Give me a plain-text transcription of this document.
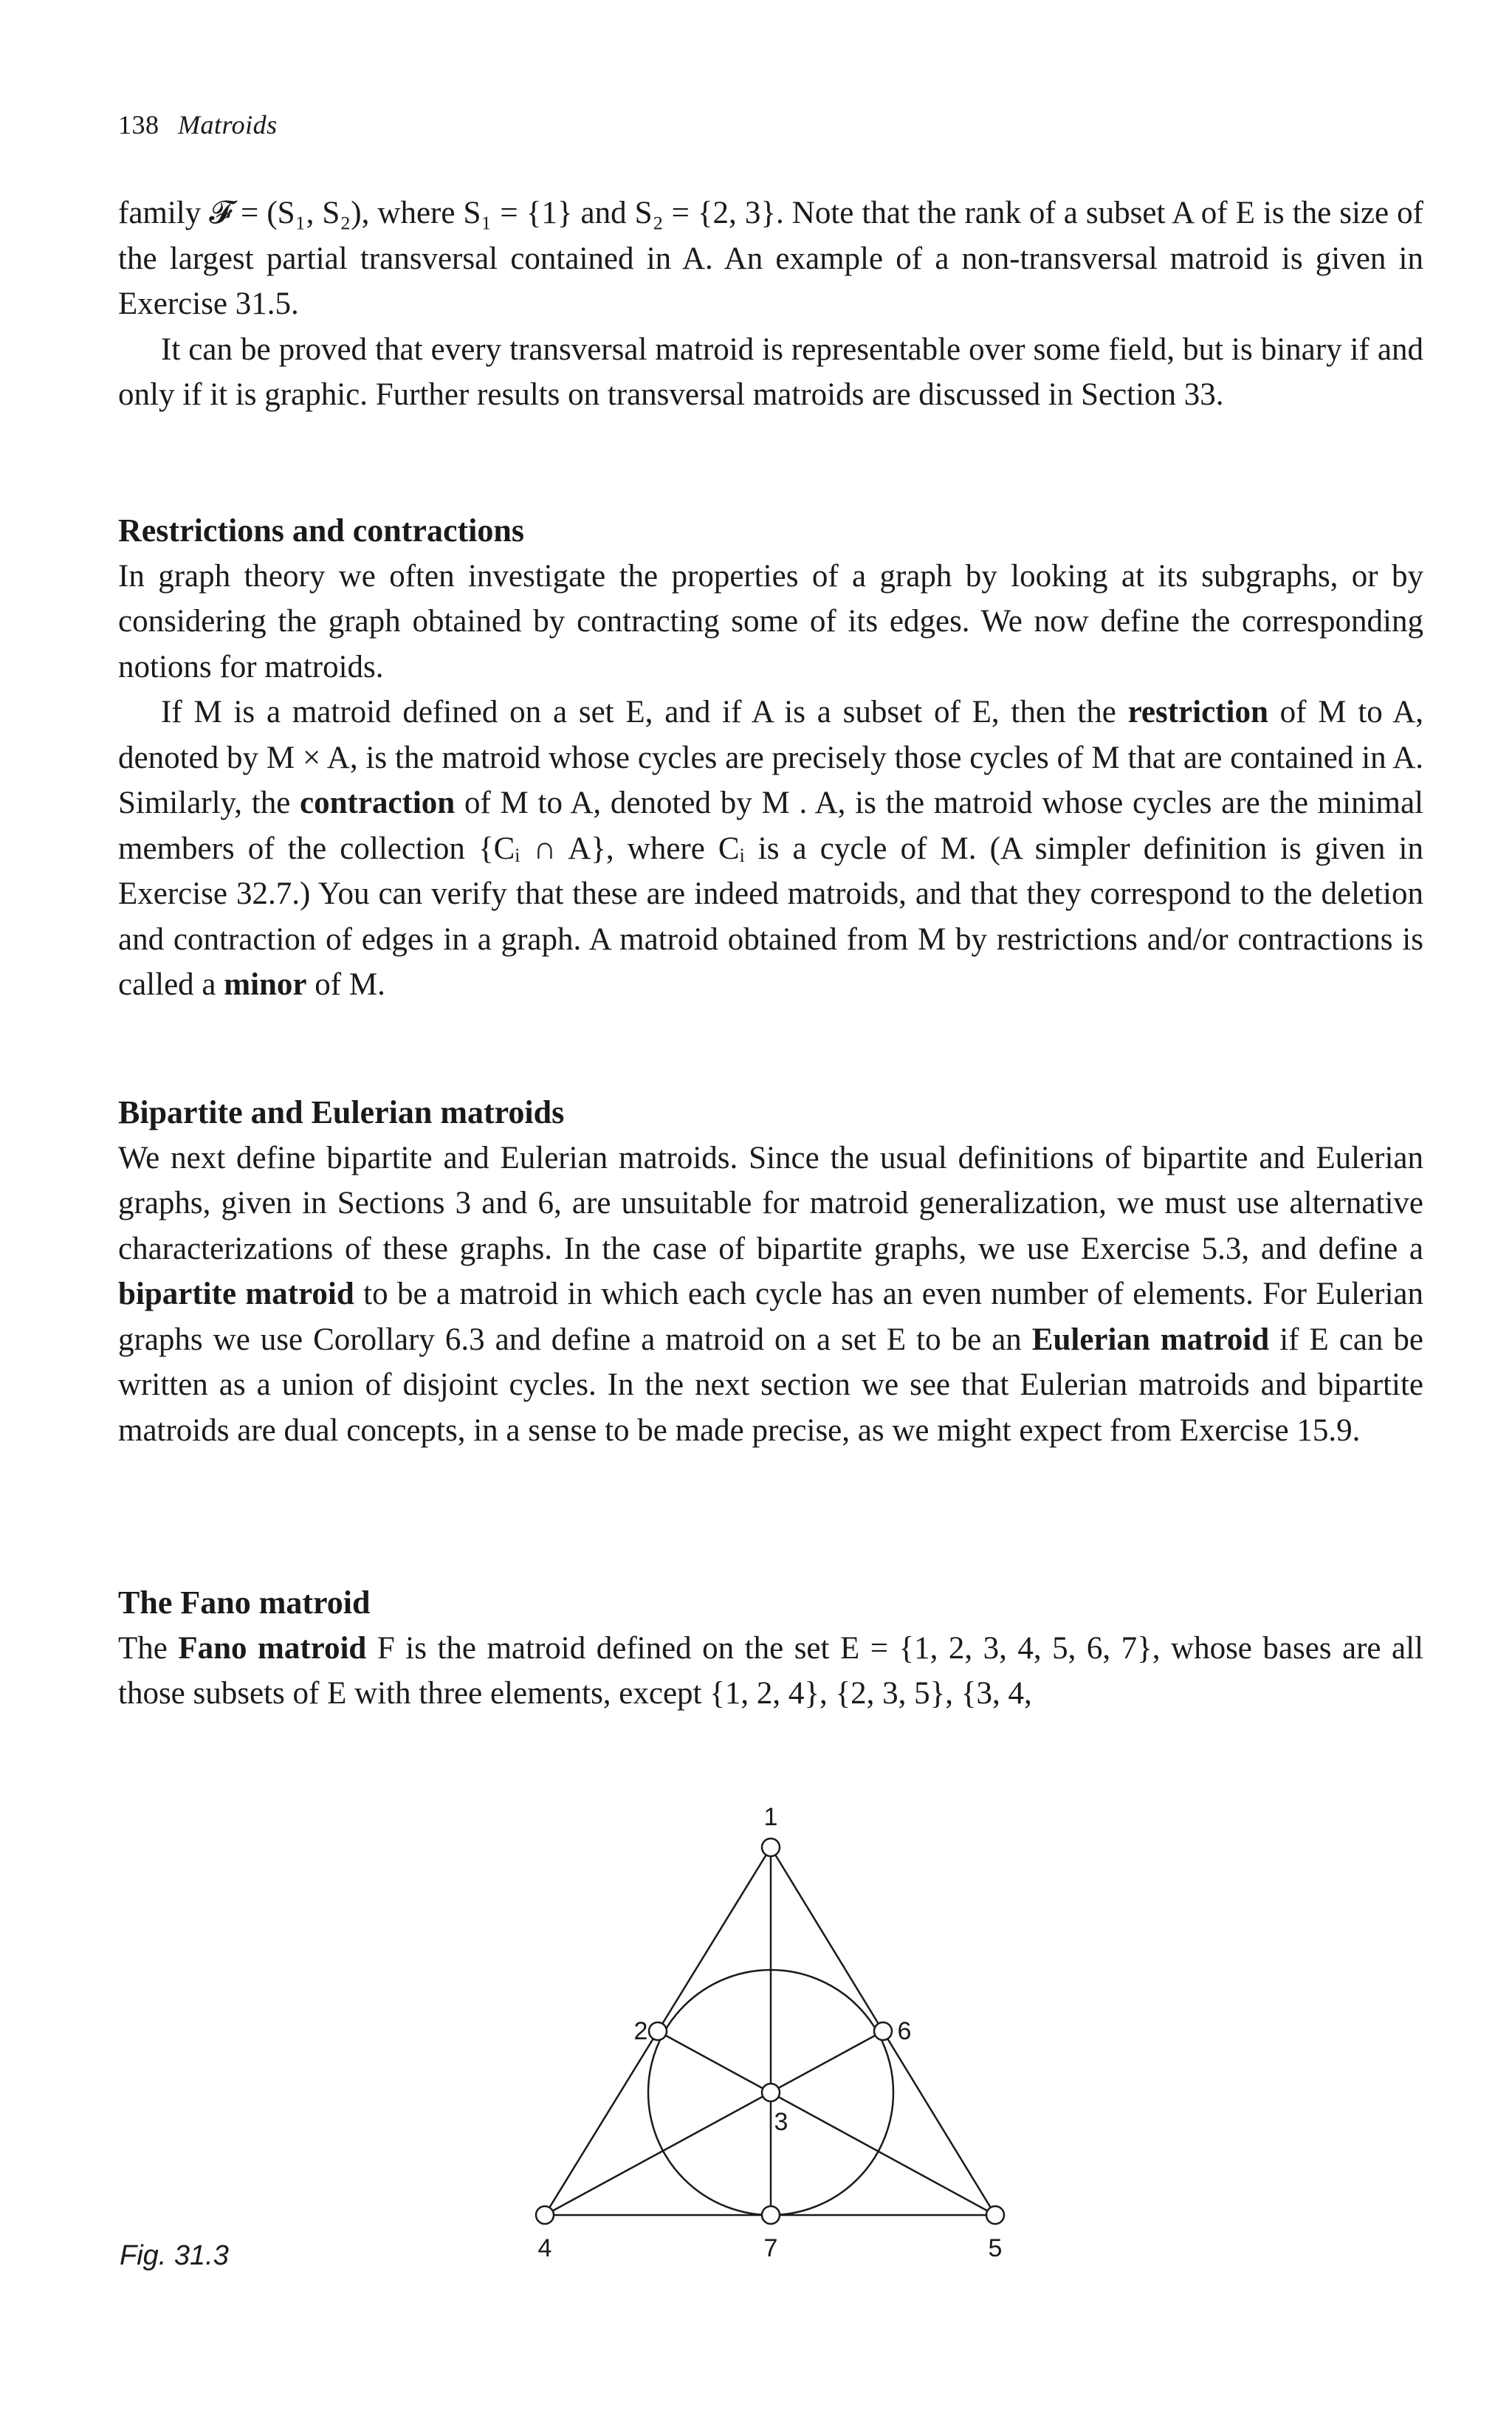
138 Matroids

family 𝓕 = (S₁, S₂), where S₁ = {1} and S₂ = {2, 3}. Note that the rank of a subset A of E is the size of the largest partial transversal contained in A. An example of a non-transversal matroid is given in Exercise 31.5.

It can be proved that every transversal matroid is representable over some field, but is binary if and only if it is graphic. Further results on transversal matroids are discussed in Section 33.

Restrictions and contractions

In graph theory we often investigate the properties of a graph by looking at its subgraphs, or by considering the graph obtained by contracting some of its edges. We now define the corresponding notions for matroids.

If M is a matroid defined on a set E, and if A is a subset of E, then the restriction of M to A, denoted by M × A, is the matroid whose cycles are precisely those cycles of M that are contained in A. Similarly, the contraction of M to A, denoted by M . A, is the matroid whose cycles are the minimal members of the collection {Cᵢ ∩ A}, where Cᵢ is a cycle of M. (A simpler definition is given in Exercise 32.7.) You can verify that these are indeed matroids, and that they correspond to the deletion and contraction of edges in a graph. A matroid obtained from M by restrictions and/or contractions is called a minor of M.

Bipartite and Eulerian matroids

We next define bipartite and Eulerian matroids. Since the usual definitions of bipartite and Eulerian graphs, given in Sections 3 and 6, are unsuitable for matroid generalization, we must use alternative characterizations of these graphs. In the case of bipartite graphs, we use Exercise 5.3, and define a bipartite matroid to be a matroid in which each cycle has an even number of elements. For Eulerian graphs we use Corollary 6.3 and define a matroid on a set E to be an Eulerian matroid if E can be written as a union of disjoint cycles. In the next section we see that Eulerian matroids and bipartite matroids are dual concepts, in a sense to be made precise, as we might expect from Exercise 15.9.

The Fano matroid

The Fano matroid F is the matroid defined on the set E = {1, 2, 3, 4, 5, 6, 7}, whose bases are all those subsets of E with three elements, except {1, 2, 4}, {2, 3, 5}, {3, 4,

1
2
3
4	5
6
7
Fig. 31.3
